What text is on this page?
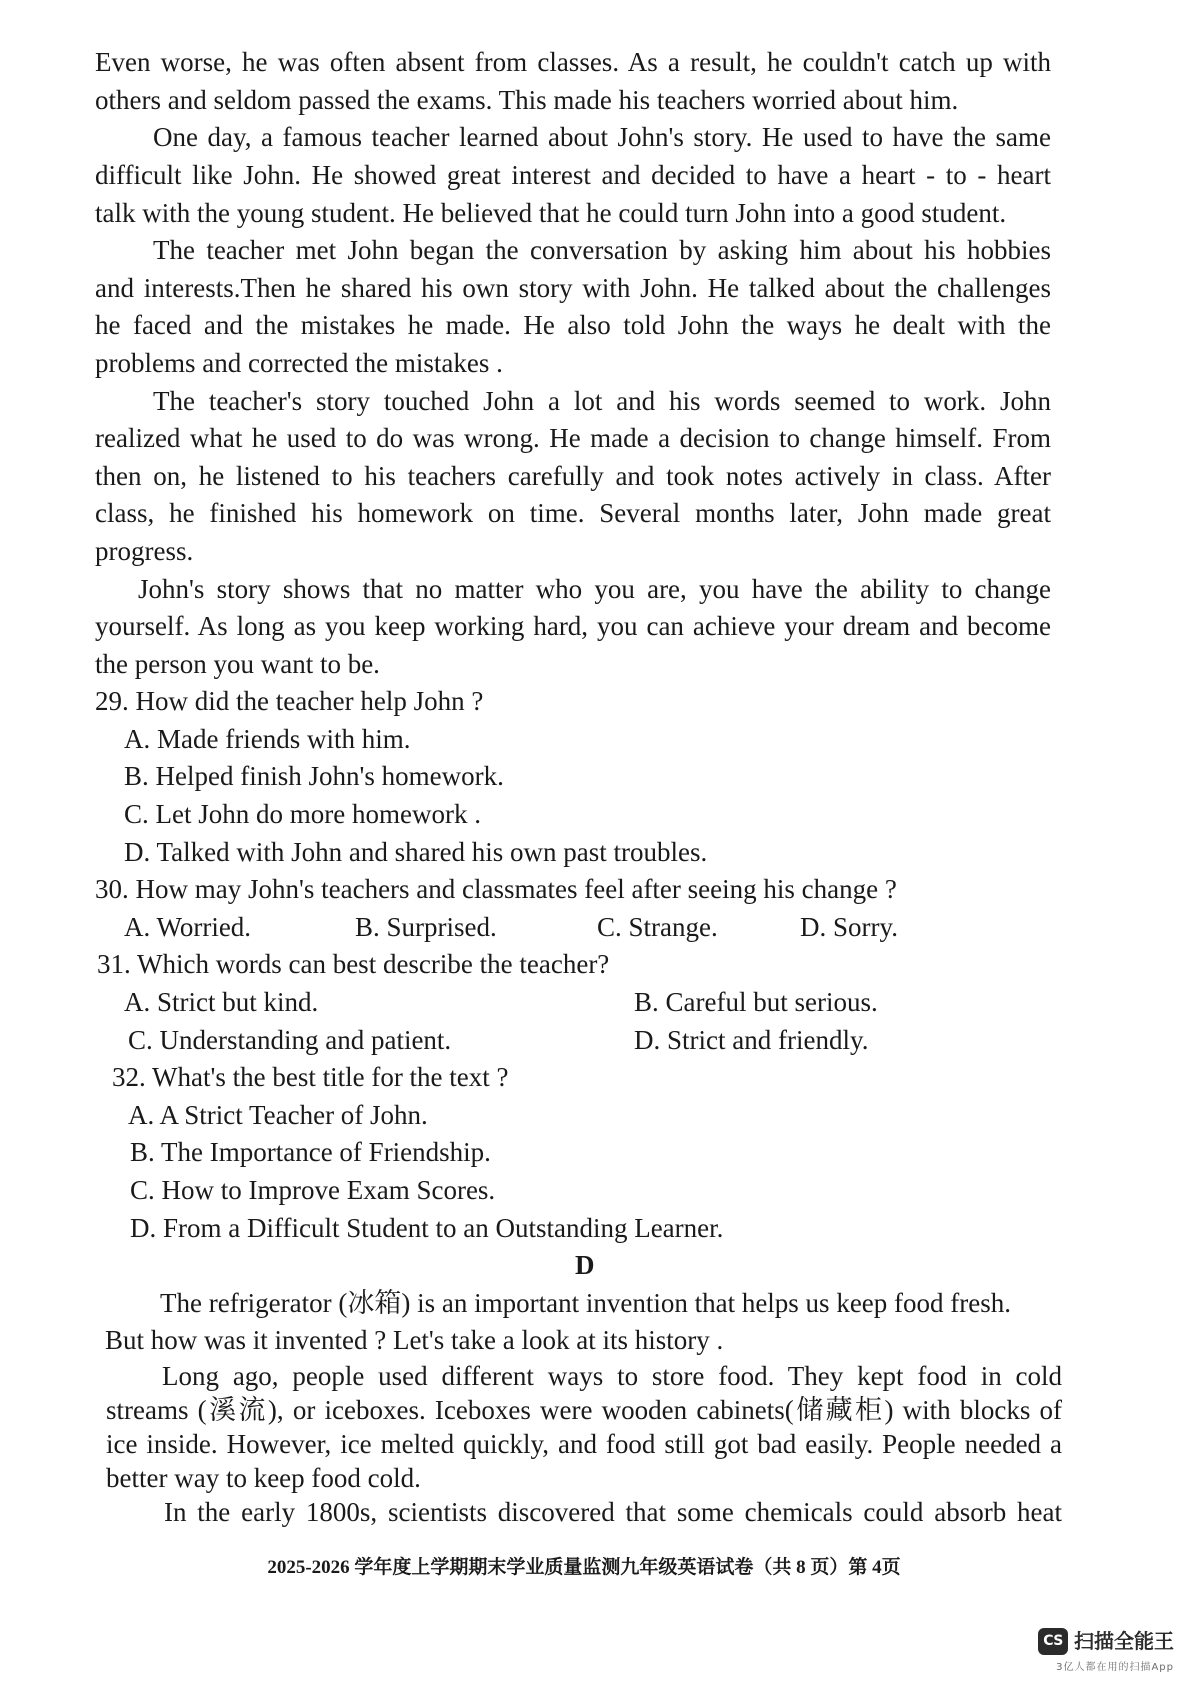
Even worse, he was often absent from classes. As a result, he couldn't catch up with
others and seldom passed the exams. This made his teachers worried about him.
One day, a famous teacher learned about John's story. He used to have the same
difficult like John. He showed great interest and decided to have a heart - to - heart
talk with the young student. He believed that he could turn John into a good student.
The teacher met John began the conversation by asking him about his hobbies
and interests.Then he shared his own story with John. He talked about the challenges
he faced and the mistakes he made. He also told John the ways he dealt with the
problems and corrected the mistakes .
The teacher's story touched John a lot and his words seemed to work. John
realized what he used to do was wrong. He made a decision to change himself. From
then on, he listened to his teachers carefully and took notes actively in class. After
class, he finished his homework on time. Several months later, John made great
progress.
John's story shows that no matter who you are, you have the ability to change
yourself. As long as you keep working hard, you can achieve your dream and become
the person you want to be.
29. How did the teacher help John ?
A. Made friends with him.
B. Helped finish John's homework.
C. Let John do more homework .
D. Talked with John and shared his own past troubles.
30. How may John's teachers and classmates feel after seeing his change ?
A. Worried.	B. Surprised.	C. Strange.	D. Sorry.
31. Which words can best describe the teacher?
A. Strict but kind.	B. Careful but serious.
C. Understanding and patient.	D. Strict and friendly.
32. What's the best title for the text ?
A. A Strict Teacher of John.
B. The Importance of Friendship.
C. How to Improve Exam Scores.
D. From a Difficult Student to an Outstanding Learner.
D
The refrigerator (冰箱) is an important invention that helps us keep food fresh.
But how was it invented ? Let's take a look at its history .
Long ago, people used different ways to store food. They kept food in cold
streams (溪流), or iceboxes. Iceboxes were wooden cabinets(储藏柜) with blocks of
ice inside. However, ice melted quickly, and food still got bad easily. People needed a
better way to keep food cold.
In the early 1800s, scientists discovered that some chemicals could absorb heat
2025-2026 学年度上学期期末学业质量监测九年级英语试卷（共 8 页）第 4页
CS 扫描全能王
3亿人都在用的扫描App
